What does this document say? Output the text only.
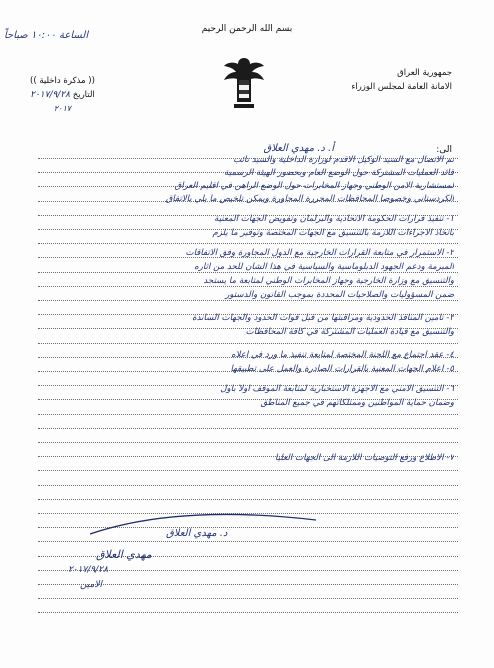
الساعة ١٠:٠٠ صباحاً
بسم الله الرحمن الرحيم
جمهورية العراق
الامانة العامة لمجلس الوزراء
(( مذكرة داخلية ))
التاريخ ٢٠١٧/٩/٢٨
٢٠١٧
الى:
أ. د. مهدي العلاق
تم الاتصال مع السيد الوكيل الاقدم لوزارة الداخلية والسيد نائب
قائد العمليات المشتركة حول الوضع العام وبحضور الهيئة الرسمية
لمستشارية الامن الوطني وجهاز المخابرات حول الوضع الراهن في اقليم العراق
الكردستاني وخصوصاً المحافظات المحررة المجاورة ويمكن تلخيص ما يلي بالاتفاق
١- تنفيذ قرارات الحكومة الاتحادية والبرلمان وتفويض الجهات المعنية
باتخاذ الاجراءات اللازمة بالتنسيق مع الجهات المختصة وتوفير ما يلزم
٢- الاستمرار في متابعة القرارات الخارجية مع الدول المجاورة وفق الاتفاقات
المبرمة ودعم الجهود الدبلوماسية والسياسية في هذا الشأن للحد من آثاره
والتنسيق مع وزارة الخارجية وجهاز المخابرات الوطني لمتابعة ما يستجد
ضمن المسؤوليات والصلاحيات المحددة بموجب القانون والدستور
٣- تأمين المنافذ الحدودية ومراقبتها من قبل قوات الحدود والجهات الساندة
والتنسيق مع قيادة العمليات المشتركة في كافة المحافظات
٤- عقد اجتماع مع اللجنة المختصة لمتابعة تنفيذ ما ورد في اعلاه
٥- اعلام الجهات المعنية بالقرارات الصادرة والعمل على تطبيقها
٦- التنسيق الامني مع الاجهزة الاستخبارية لمتابعة الموقف اولاً بأول
وضمان حماية المواطنين وممتلكاتهم في جميع المناطق
٧- الاطلاع ورفع التوصيات اللازمة الى الجهات العليا
د. مهدي العلاق
مهدي العلاق
٢٠١٧/٩/٢٨
الامين
